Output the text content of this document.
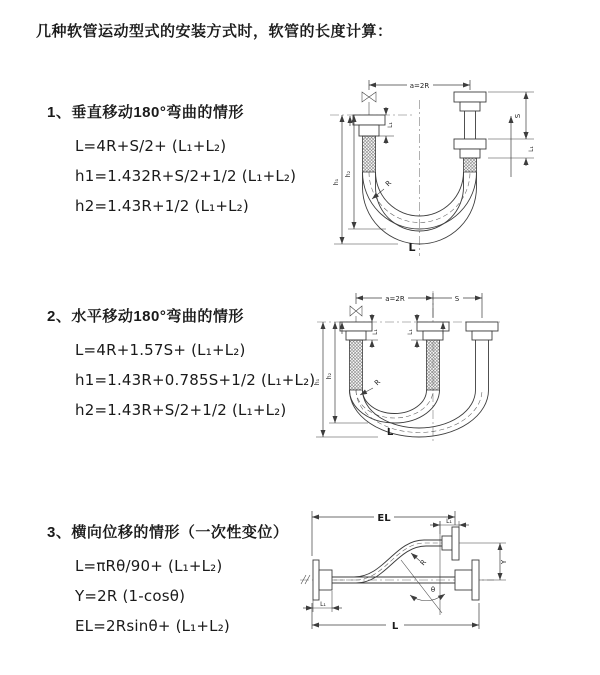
几种软管运动型式的安装方式时，软管的长度计算：
1、垂直移动180°弯曲的情形
L=4R+S/2+ (L₁+L₂)
h1=1.432R+S/2+1/2 (L₁+L₂)
h2=1.43R+1/2 (L₁+L₂)
2、水平移动180°弯曲的情形
L=4R+1.57S+ (L₁+L₂)
h1=1.43R+0.785S+1/2 (L₁+L₂)
h2=1.43R+S/2+1/2 (L₁+L₂)
3、横向位移的情形（一次性变位）
L=πRθ/90+ (L₁+L₂)
Y=2R (1-cosθ)
EL=2Rsinθ+ (L₁+L₂)
a=2R
L₁
h₁
h₂
S
L₁
R
L
a=2R	S
L₁	L₁
h₁
h₂
R
L
EL	L₁
Y
θ
R
L₁
L
